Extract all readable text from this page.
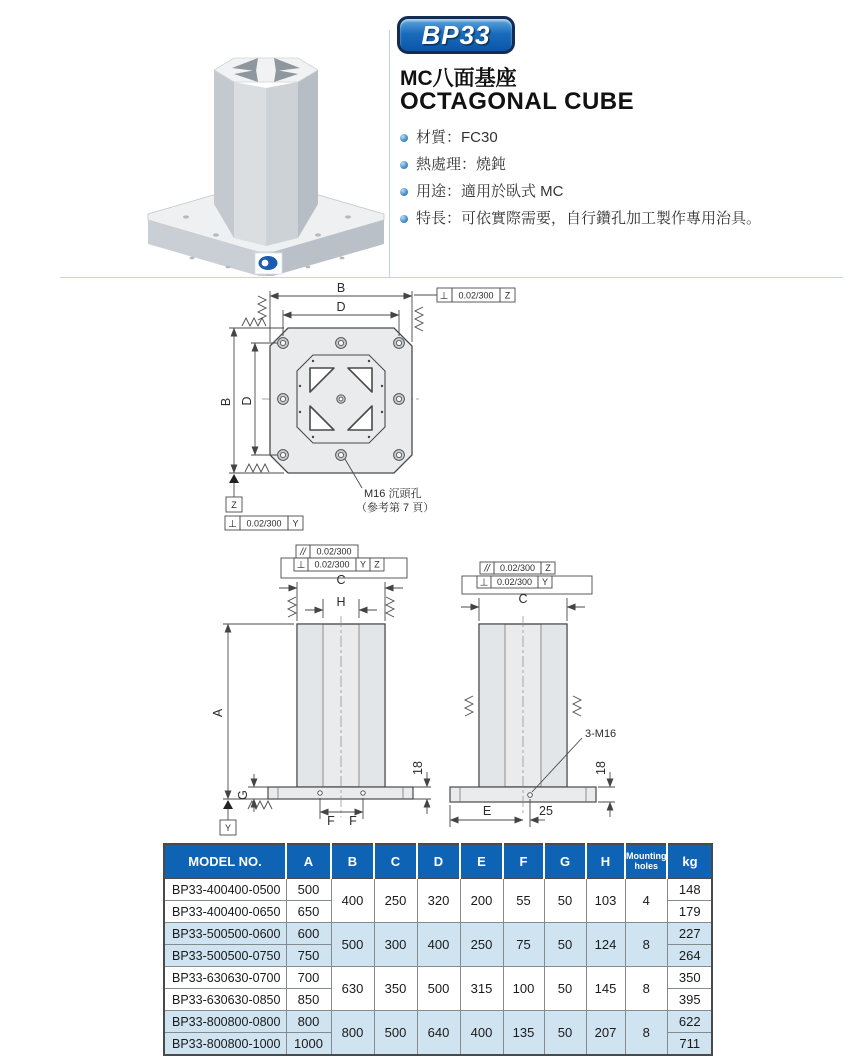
BP33
MC八面基座
OCTAGONAL CUBE
材質：FC30
熱處理：燒鈍
用途：適用於臥式 MC
特長：可依實際需要，自行鑽孔加工製作專用治具。
B
D
B D
⊥ 0.02/300 Z
Z
⊥ 0.02/300 Y
M16 沉頭孔
（參考第 7 頁）
// 0.02/300
⊥ 0.02/300 Y Z
C
H
A
G
18
F F
Y
// 0.02/300 Z
⊥ 0.02/300 Y
C
3-M16
18
E	25
MODEL NO.	A	B	C	D	E	F	G	H	Mounting holes	kg
BP33-400400-0500	500	400	250	320	200	55	50	103	4	148
BP33-400400-0650	650									179
BP33-500500-0600	600	500	300	400	250	75	50	124	8	227
BP33-500500-0750	750									264
BP33-630630-0700	700	630	350	500	315	100	50	145	8	350
BP33-630630-0850	850									395
BP33-800800-0800	800	800	500	640	400	135	50	207	8	622
BP33-800800-1000	1000									711
